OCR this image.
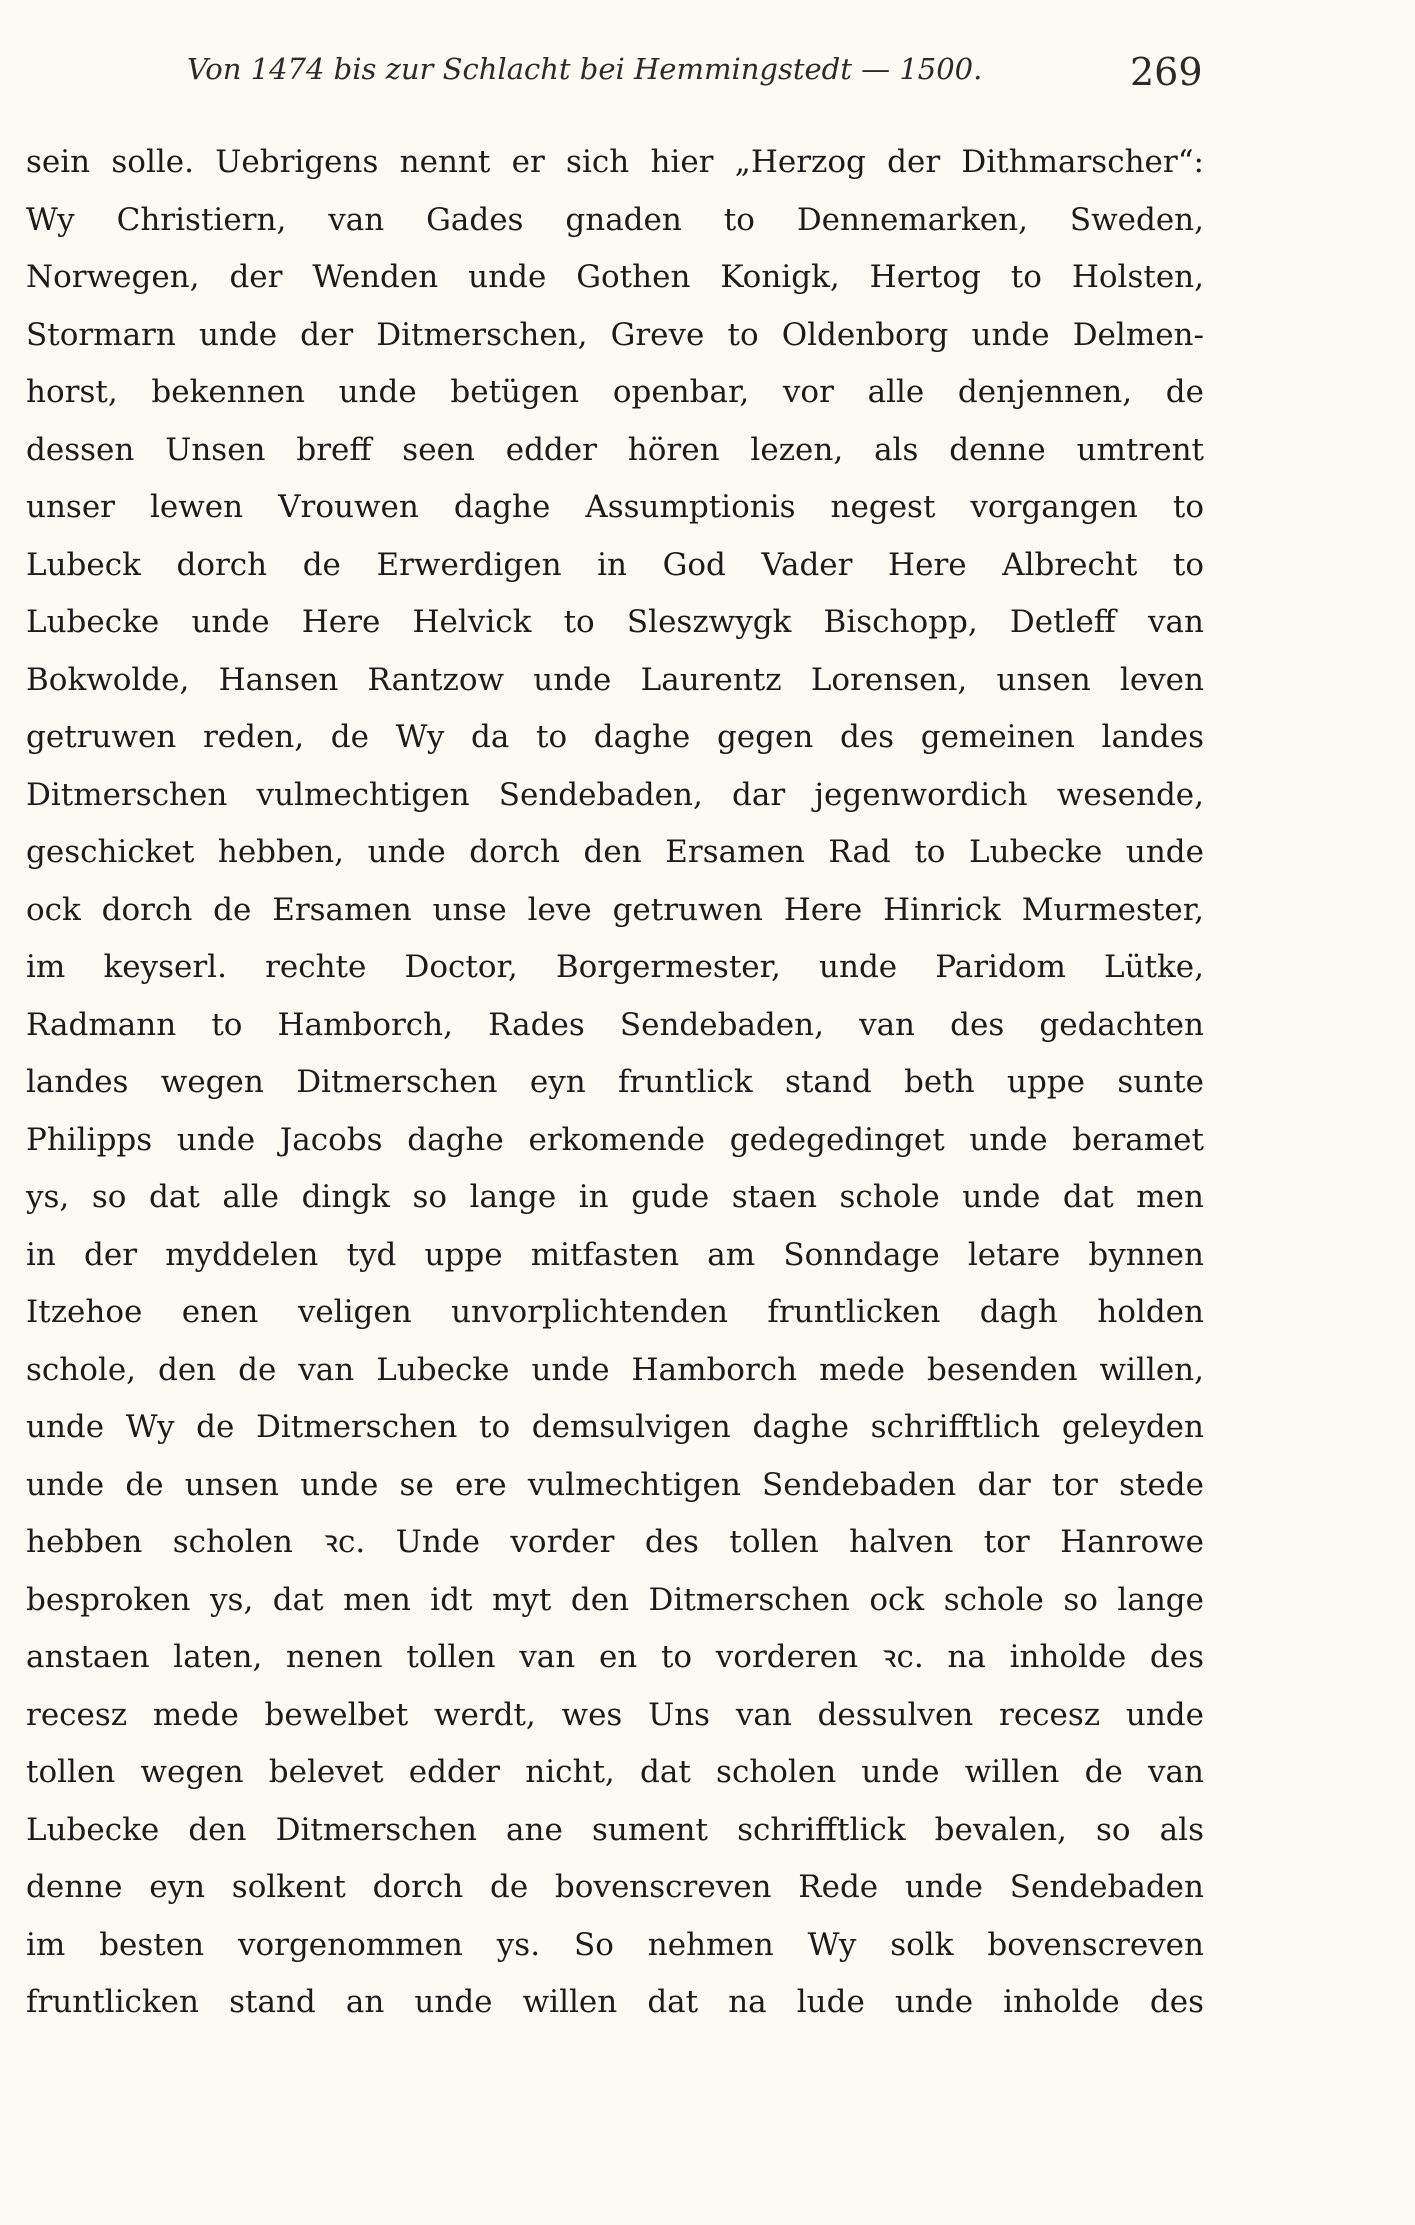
Von 1474 bis zur Schlacht bei Hemmingstedt — 1500.	269
sein solle. Uebrigens nennt er sich hier „Herzog der Dithmarscher“:
Wy Christiern, van Gades gnaden to Dennemarken, Sweden,
Norwegen, der Wenden unde Gothen Konigk, Hertog to Holsten,
Stormarn unde der Ditmerschen, Greve to Oldenborg unde Delmen-
horst, bekennen unde betügen openbar, vor alle denjennen, de
dessen Unsen breff seen edder hören lezen, als denne umtrent
unser lewen Vrouwen daghe Assumptionis negest vorgangen to
Lubeck dorch de Erwerdigen in God Vader Here Albrecht to
Lubecke unde Here Helvick to Sleszwygk Bischopp, Detleff van
Bokwolde, Hansen Rantzow unde Laurentz Lorensen, unsen leven
getruwen reden, de Wy da to daghe gegen des gemeinen landes
Ditmerschen vulmechtigen Sendebaden, dar jegenwordich wesende,
geschicket hebben, unde dorch den Ersamen Rad to Lubecke unde
ock dorch de Ersamen unse leve getruwen Here Hinrick Murmester,
im keyserl. rechte Doctor, Borgermester, unde Paridom Lütke,
Radmann to Hamborch, Rades Sendebaden, van des gedachten
landes wegen Ditmerschen eyn fruntlick stand beth uppe sunte
Philipps unde Jacobs daghe erkomende gedegedinget unde beramet
ys, so dat alle dingk so lange in gude staen schole unde dat men
in der myddelen tyd uppe mitfasten am Sonndage letare bynnen
Itzehoe enen veligen unvorplichtenden fruntlicken dagh holden
schole, den de van Lubecke unde Hamborch mede besenden willen,
unde Wy de Ditmerschen to demsulvigen daghe schrifftlich geleyden
unde de unsen unde se ere vulmechtigen Sendebaden dar tor stede
hebben scholen ꝛc. Unde vorder des tollen halven tor Hanrowe
besproken ys, dat men idt myt den Ditmerschen ock schole so lange
anstaen laten, nenen tollen van en to vorderen ꝛc. na inholde des
recesz mede bewelbet werdt, wes Uns van dessulven recesz unde
tollen wegen belevet edder nicht, dat scholen unde willen de van
Lubecke den Ditmerschen ane sument schrifftlick bevalen, so als
denne eyn solkent dorch de bovenscreven Rede unde Sendebaden
im besten vorgenommen ys. So nehmen Wy solk bovenscreven
fruntlicken stand an unde willen dat na lude unde inholde des
